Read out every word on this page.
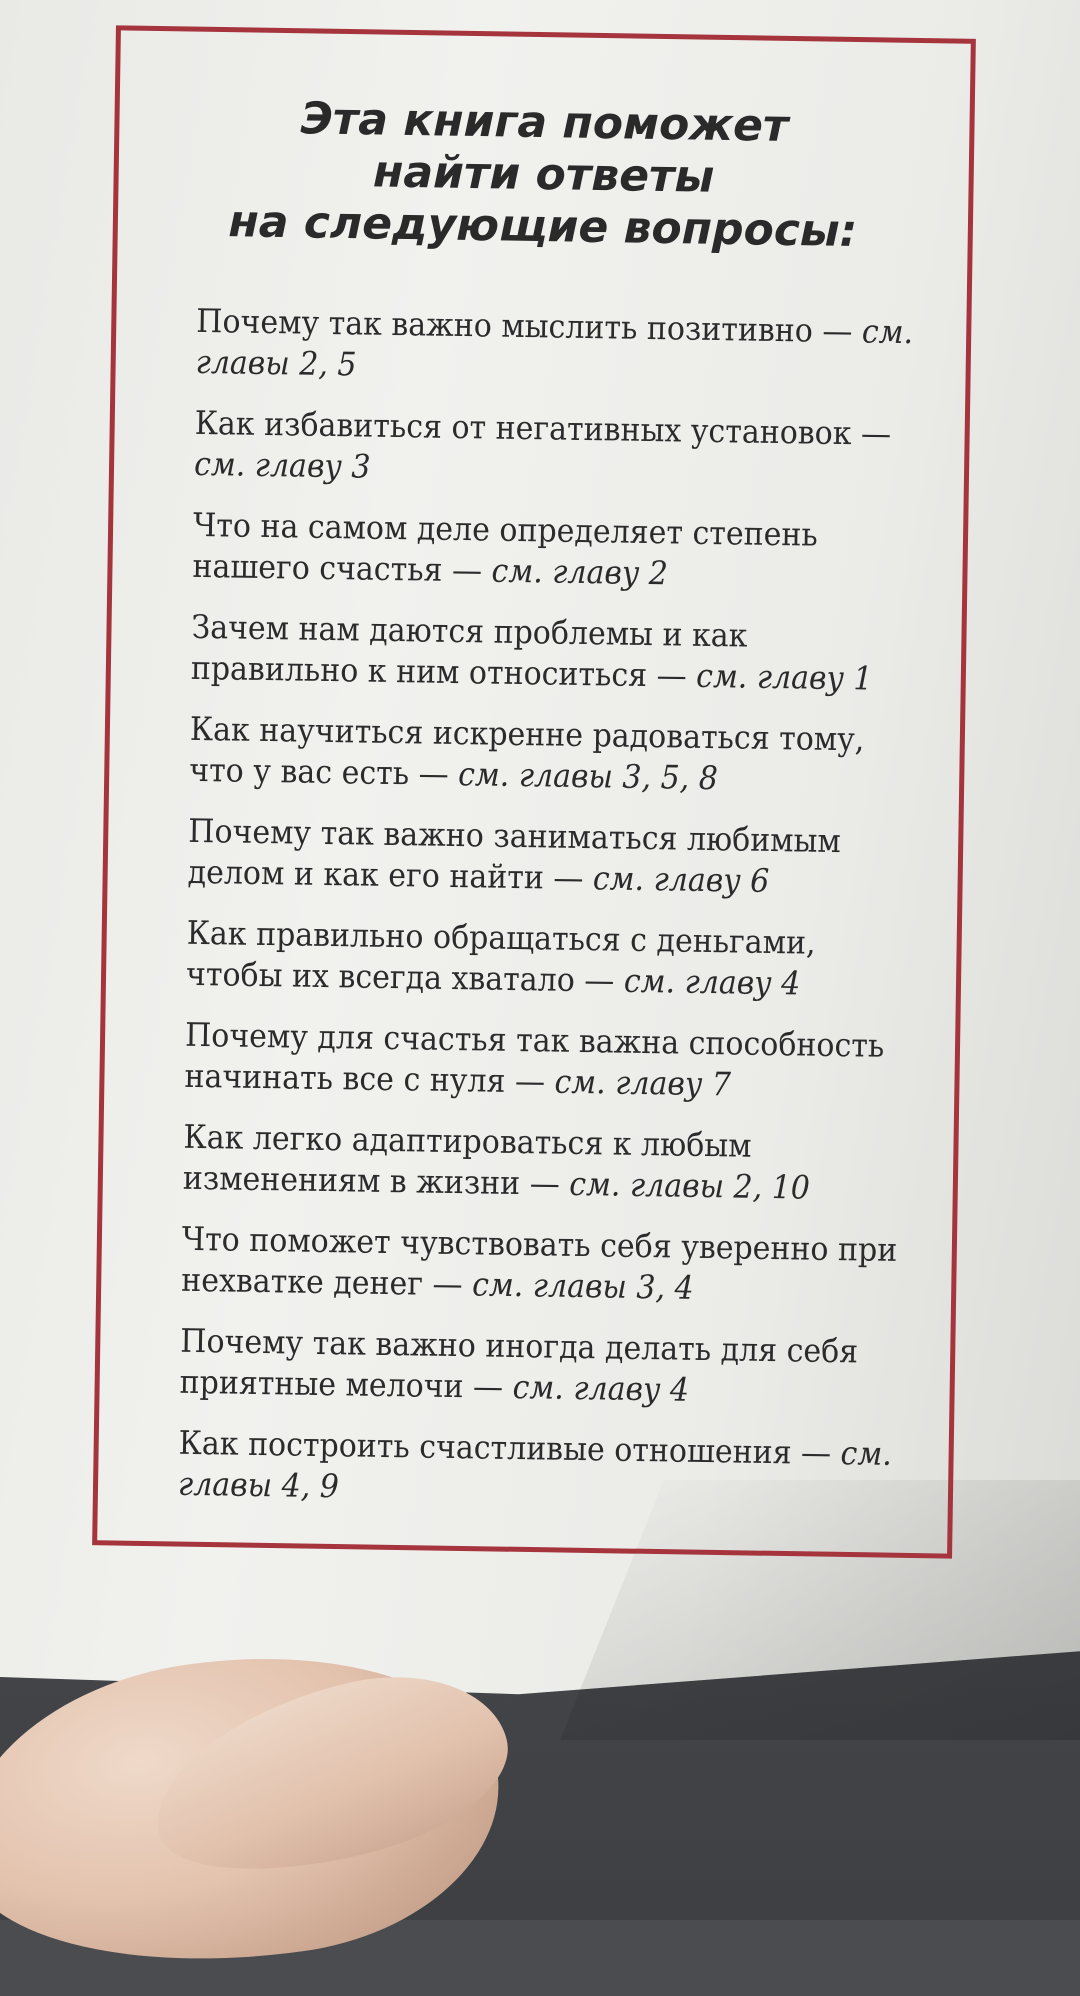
Эта книга поможет
найти ответы
на следующие вопросы:
Почему так важно мыслить позитивно — см. главы 2, 5
Как избавиться от негативных установок — см. главу 3
Что на самом деле определяет степень нашего счастья — см. главу 2
Зачем нам даются проблемы и как правильно к ним относиться — см. главу 1
Как научиться искренне радоваться тому, что у вас есть — см. главы 3, 5, 8
Почему так важно заниматься любимым делом и как его найти — см. главу 6
Как правильно обращаться с деньгами, чтобы их всегда хватало — см. главу 4
Почему для счастья так важна способность начинать все с нуля — см. главу 7
Как легко адаптироваться к любым изменениям в жизни — см. главы 2, 10
Что поможет чувствовать себя уверенно при нехватке денег — см. главы 3, 4
Почему так важно иногда делать для себя приятные мелочи — см. главу 4
Как построить счастливые отношения — см. главы 4, 9
